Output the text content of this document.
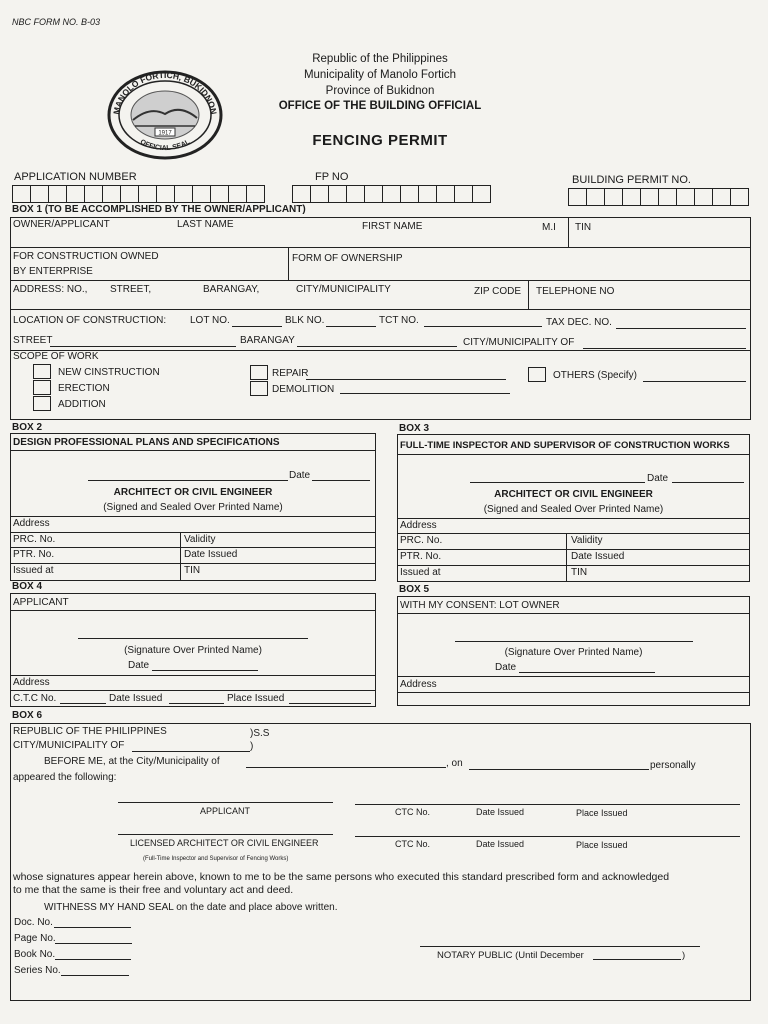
NBC FORM NO. B-03
MANOLO FORTICH, BUKIDNON
OFFICIAL SEAL
1917
Republic of the Philippines
Municipality of Manolo Fortich
Province of Bukidnon
OFFICE OF THE BUILDING OFFICIAL
FENCING PERMIT
APPLICATION NUMBER	FP NO	BUILDING PERMIT NO.
BOX 1 (TO BE ACCOMPLISHED BY THE OWNER/APPLICANT)
OWNER/APPLICANT	LAST NAME	FIRST NAME	M.I TIN
FOR CONSTRUCTION OWNED
BY ENTERPRISE
FORM OF OWNERSHIP
ADDRESS: NO., STREET,	BARANGAY,	CITY/MUNICIPALITY	ZIP CODE TELEPHONE NO
LOCATION OF CONSTRUCTION: LOT NO.	BLK NO.	TCT NO.	TAX DEC. NO.
STREET	BARANGAY	CITY/MUNICIPALITY OF
SCOPE OF WORK
NEW CINSTRUCTION
ERECTION
ADDITION
REPAIR
DEMOLITION
OTHERS (Specify)
BOX 2
DESIGN PROFESSIONAL PLANS AND SPECIFICATIONS
Date
ARCHITECT OR CIVIL ENGINEER
(Signed and Sealed Over Printed Name)
Address
PRC. No.	Validity
PTR. No.	Date Issued
Issued at	TIN
BOX 3
FULL-TIME INSPECTOR AND SUPERVISOR OF CONSTRUCTION WORKS
Date
ARCHITECT OR CIVIL ENGINEER
(Signed and Sealed Over Printed Name)
Address
PRC. No.	Validity
PTR. No.	Date Issued
Issued at	TIN
BOX 4
APPLICANT
(Signature Over Printed Name)
Date
Address
C.T.C No.	Date Issued	Place Issued
BOX 5
WITH MY CONSENT: LOT OWNER
(Signature Over Printed Name)
Date
Address
BOX 6
REPUBLIC OF THE PHILIPPINES	)S.S
CITY/MUNICIPALITY OF	)
BEFORE ME, at the City/Municipality of	, on	personally
appeared the following:
APPLICANT	CTC No.	Date Issued	Place Issued
LICENSED ARCHITECT OR CIVIL ENGINEER	CTC No.	Date Issued	Place Issued
(Full-Time Inspector and Supervisor of Fencing Works)
whose signatures appear herein above, known to me to be the same persons who executed this standard prescribed form and acknowledged
to me that the same is their free and voluntary act and deed.
WITHNESS MY HAND SEAL on the date and place above written.
Doc. No.
Page No.
Book No.
Series No.
NOTARY PUBLIC (Until December	)
